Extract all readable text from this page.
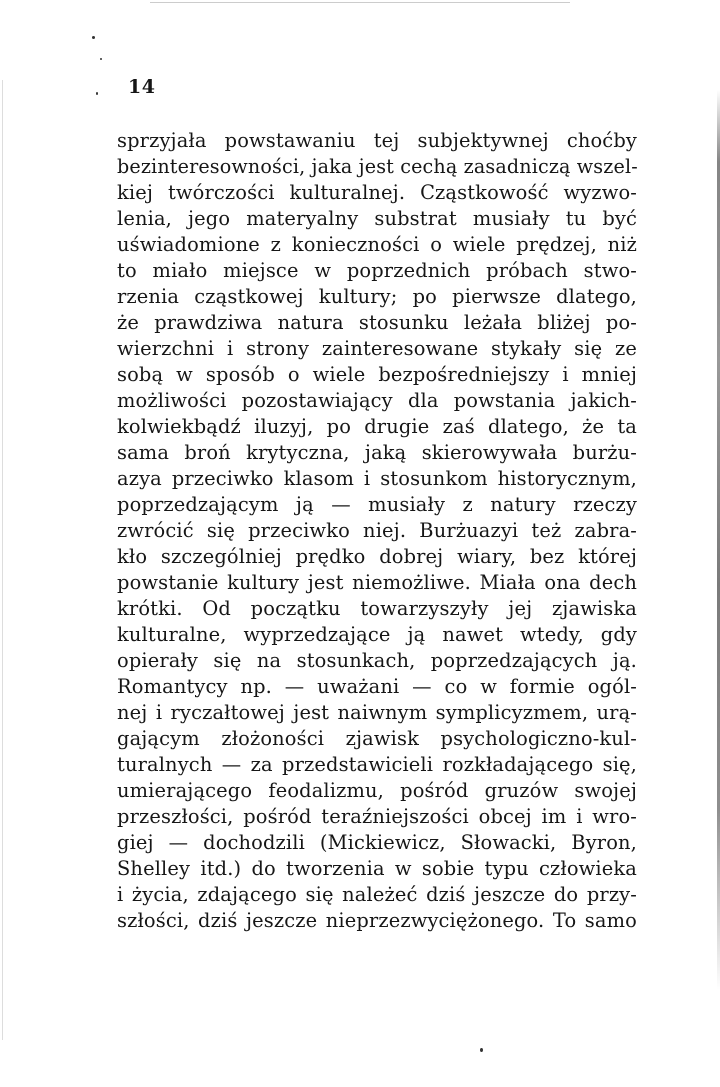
14
sprzyjała powstawaniu tej subjektywnej choćby
bezinteresowności, jaka jest cechą zasadniczą wszel-
kiej twórczości kulturalnej. Cząstkowość wyzwo-
lenia, jego materyalny substrat musiały tu być
uświadomione z konieczności o wiele prędzej, niż
to miało miejsce w poprzednich próbach stwo-
rzenia cząstkowej kultury; po pierwsze dlatego,
że prawdziwa natura stosunku leżała bliżej po-
wierzchni i strony zainteresowane stykały się ze
sobą w sposób o wiele bezpośredniejszy i mniej
możliwości pozostawiający dla powstania jakich-
kolwiekbądź iluzyj, po drugie zaś dlatego, że ta
sama broń krytyczna, jaką skierowywała burżu-
azya przeciwko klasom i stosunkom historycznym,
poprzedzającym ją — musiały z natury rzeczy
zwrócić się przeciwko niej. Burżuazyi też zabra-
kło szczególniej prędko dobrej wiary, bez której
powstanie kultury jest niemożliwe. Miała ona dech
krótki. Od początku towarzyszyły jej zjawiska
kulturalne, wyprzedzające ją nawet wtedy, gdy
opierały się na stosunkach, poprzedzających ją.
Romantycy np. — uważani — co w formie ogól-
nej i ryczałtowej jest naiwnym symplicyzmem, urą-
gającym złożoności zjawisk psychologiczno-kul-
turalnych — za przedstawicieli rozkładającego się,
umierającego feodalizmu, pośród gruzów swojej
przeszłości, pośród teraźniejszości obcej im i wro-
giej — dochodzili (Mickiewicz, Słowacki, Byron,
Shelley itd.) do tworzenia w sobie typu człowieka
i życia, zdającego się należeć dziś jeszcze do przy-
szłości, dziś jeszcze nieprzezwyciężonego. To samo
